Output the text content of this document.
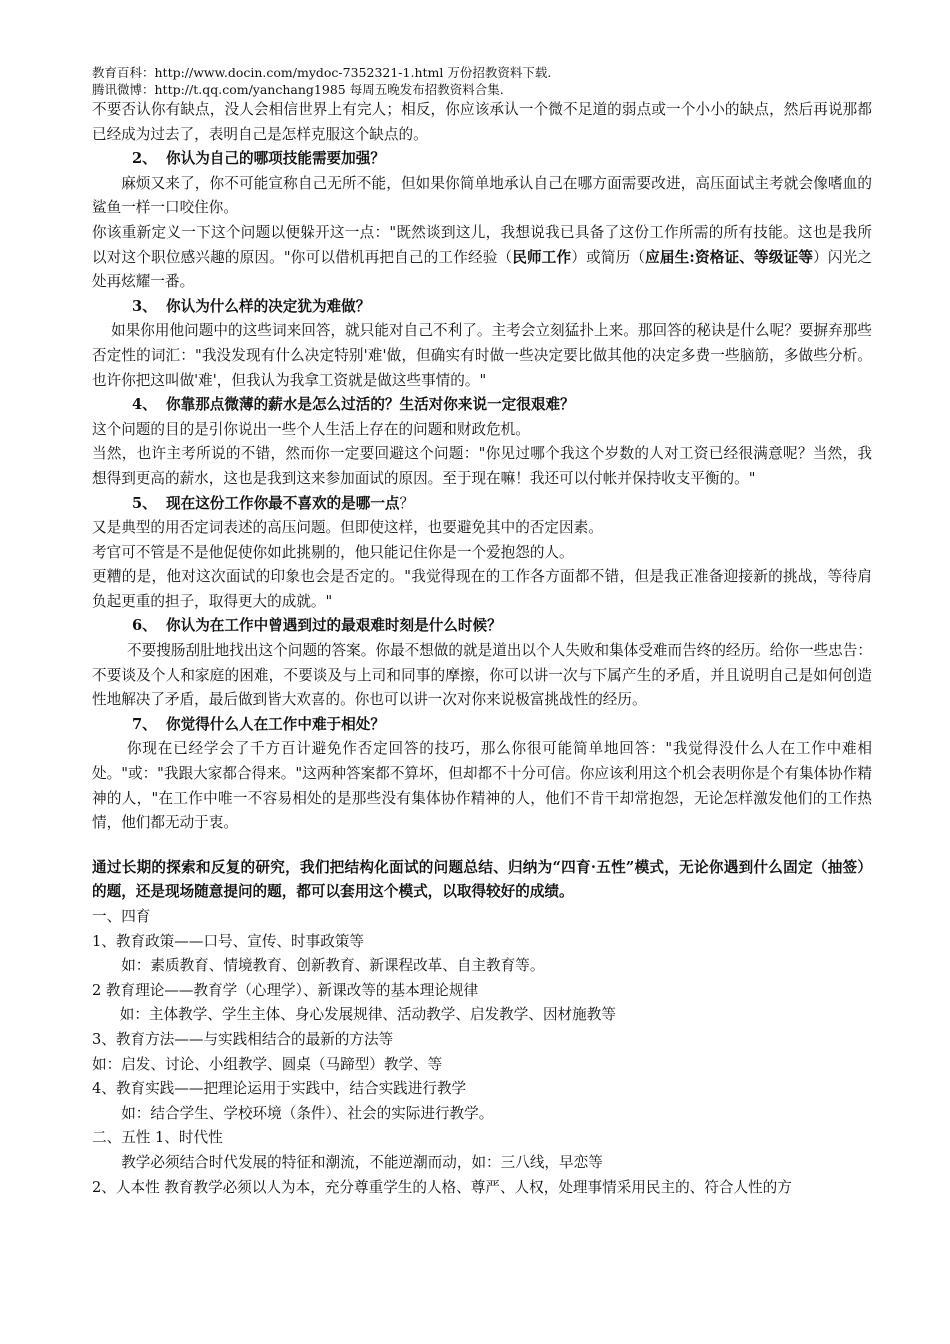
教育百科：http://www.docin.com/mydoc-7352321-1.html 万份招教资料下载.

腾讯微博：http://t.qq.com/yanchang1985 每周五晚发布招教资料合集.

不要否认你有缺点，没人会相信世界上有完人；相反，你应该承认一个微不足道的弱点或一个小小的缺点，然后再说那都已经成为过去了，表明自己是怎样克服这个缺点的。

2、 你认为自己的哪项技能需要加强？

麻烦又来了，你不可能宣称自己无所不能，但如果你简单地承认自己在哪方面需要改进，高压面试主考就会像嗜血的鲨鱼一样一口咬住你。

你该重新定义一下这个问题以便躲开这一点："既然谈到这儿，我想说我已具备了这份工作所需的所有技能。这也是我所以对这个职位感兴趣的原因。"你可以借机再把自己的工作经验（民师工作）或简历（应届生:资格证、等级证等）闪光之处再炫耀一番。

3、 你认为什么样的决定犹为难做？

如果你用他问题中的这些词来回答，就只能对自己不利了。主考会立刻猛扑上来。那回答的秘诀是什么呢？要摒弃那些否定性的词汇："我没发现有什么决定特别'难'做，但确实有时做一些决定要比做其他的决定多费一些脑筋，多做些分析。也许你把这叫做'难'，但我认为我拿工资就是做这些事情的。"

4、 你靠那点微薄的薪水是怎么过活的？生活对你来说一定很艰难？

这个问题的目的是引你说出一些个人生活上存在的问题和财政危机。

当然，也许主考所说的不错，然而你一定要回避这个问题："你见过哪个我这个岁数的人对工资已经很满意呢？当然，我想得到更高的薪水，这也是我到这来参加面试的原因。至于现在嘛！我还可以付帐并保持收支平衡的。"

5、 现在这份工作你最不喜欢的是哪一点？

又是典型的用否定词表述的高压问题。但即使这样，也要避免其中的否定因素。

考官可不管是不是他促使你如此挑剔的，他只能记住你是一个爱抱怨的人。

更糟的是，他对这次面试的印象也会是否定的。"我觉得现在的工作各方面都不错，但是我正准备迎接新的挑战，等待肩负起更重的担子，取得更大的成就。"

6、 你认为在工作中曾遇到过的最艰难时刻是什么时候？

不要搜肠刮肚地找出这个问题的答案。你最不想做的就是道出以个人失败和集体受难而告终的经历。给你一些忠告：不要谈及个人和家庭的困难，不要谈及与上司和同事的摩擦，你可以讲一次与下属产生的矛盾，并且说明自己是如何创造性地解决了矛盾，最后做到皆大欢喜的。你也可以讲一次对你来说极富挑战性的经历。

7、 你觉得什么人在工作中难于相处？

你现在已经学会了千方百计避免作否定回答的技巧，那么你很可能简单地回答："我觉得没什么人在工作中难相处。"或："我跟大家都合得来。"这两种答案都不算坏，但却都不十分可信。你应该利用这个机会表明你是个有集体协作精神的人，"在工作中唯一不容易相处的是那些没有集体协作精神的人，他们不肯干却常抱怨，无论怎样激发他们的工作热情，他们都无动于衷。

通过长期的探索和反复的研究，我们把结构化面试的问题总结、归纳为“四育·五性”模式，无论你遇到什么固定（抽签）的题，还是现场随意提问的题，都可以套用这个模式，以取得较好的成绩。

一、四育

1、教育政策——口号、宣传、时事政策等

如：素质教育、情境教育、创新教育、新课程改革、自主教育等。

2 教育理论——教育学（心理学）、新课改等的基本理论规律

如：主体教学、学生主体、身心发展规律、活动教学、启发教学、因材施教等

3、教育方法——与实践相结合的最新的方法等

如：启发、讨论、小组教学、圆桌（马蹄型）教学、等

4、教育实践——把理论运用于实践中，结合实践进行教学

如：结合学生、学校环境（条件）、社会的实际进行教学。

二、五性 1、时代性

教学必须结合时代发展的特征和潮流，不能逆潮而动，如：三八线，早恋等

2、人本性 教育教学必须以人为本，充分尊重学生的人格、尊严、人权，处理事情采用民主的、符合人性的方
